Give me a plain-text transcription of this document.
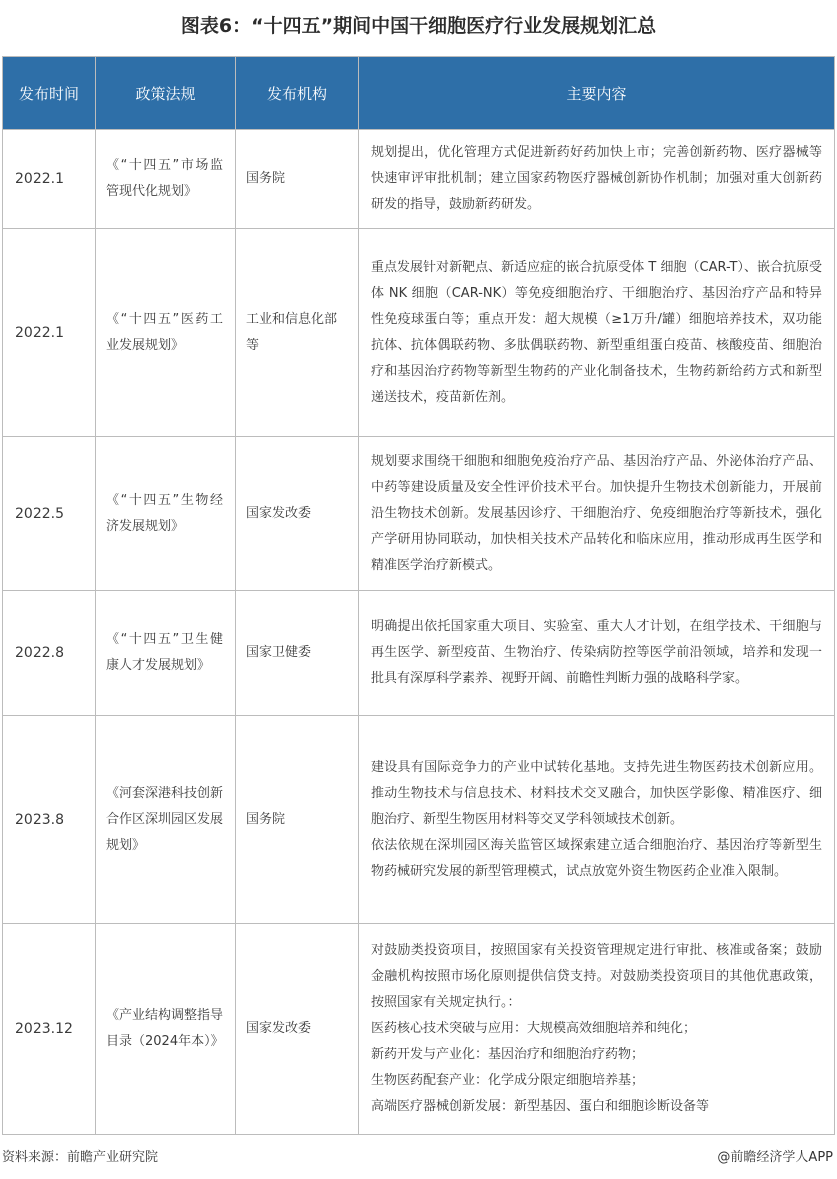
图表6：“十四五”期间中国干细胞医疗行业发展规划汇总
发布时间	政策法规	发布机构	主要内容
2022.1	《“十四五”市场监管现代化规划》	国务院	规划提出，优化管理方式促进新药好药加快上市；完善创新药物、医疗器械等快速审评审批机制；建立国家药物医疗器械创新协作机制；加强对重大创新药研发的指导，鼓励新药研发。

2022.1	《“十四五”医药工业发展规划》	工业和信息化部等	重点发展针对新靶点、新适应症的嵌合抗原受体 T 细胞（CAR-T）、嵌合抗原受体 NK 细胞（CAR-NK）等免疫细胞治疗、干细胞治疗、基因治疗产品和特异性免疫球蛋白等；重点开发：超大规模（≥1万升/罐）细胞培养技术，双功能抗体、抗体偶联药物、多肽偶联药物、新型重组蛋白疫苗、核酸疫苗、细胞治疗和基因治疗药物等新型生物药的产业化制备技术，生物药新给药方式和新型递送技术，疫苗新佐剂。

2022.5	《“十四五”生物经济发展规划》	国家发改委	规划要求围绕干细胞和细胞免疫治疗产品、基因治疗产品、外泌体治疗产品、中药等建设质量及安全性评价技术平台。加快提升生物技术创新能力，开展前沿生物技术创新。发展基因诊疗、干细胞治疗、免疫细胞治疗等新技术，强化产学研用协同联动，加快相关技术产品转化和临床应用，推动形成再生医学和精准医学治疗新模式。

2022.8	《“十四五”卫生健康人才发展规划》	国家卫健委	明确提出依托国家重大项目、实验室、重大人才计划，在组学技术、干细胞与再生医学、新型疫苗、生物治疗、传染病防控等医学前沿领域，培养和发现一批具有深厚科学素养、视野开阔、前瞻性判断力强的战略科学家。

2023.8	《河套深港科技创新合作区深圳园区发展规划》	国务院	建设具有国际竞争力的产业中试转化基地。支持先进生物医药技术创新应用。推动生物技术与信息技术、材料技术交叉融合，加快医学影像、精准医疗、细胞治疗、新型生物医用材料等交叉学科领域技术创新。
依法依规在深圳园区海关监管区域探索建立适合细胞治疗、基因治疗等新型生物药械研究发展的新型管理模式，试点放宽外资生物医药企业准入限制。

2023.12	《产业结构调整指导目录（2024年本）》	国家发改委	对鼓励类投资项目，按照国家有关投资管理规定进行审批、核准或备案；鼓励金融机构按照市场化原则提供信贷支持。对鼓励类投资项目的其他优惠政策，按照国家有关规定执行。：
医药核心技术突破与应用：大规模高效细胞培养和纯化；
新药开发与产业化：基因治疗和细胞治疗药物；
生物医药配套产业：化学成分限定细胞培养基；
高端医疗器械创新发展：新型基因、蛋白和细胞诊断设备等
资料来源：前瞻产业研究院	@前瞻经济学人APP
